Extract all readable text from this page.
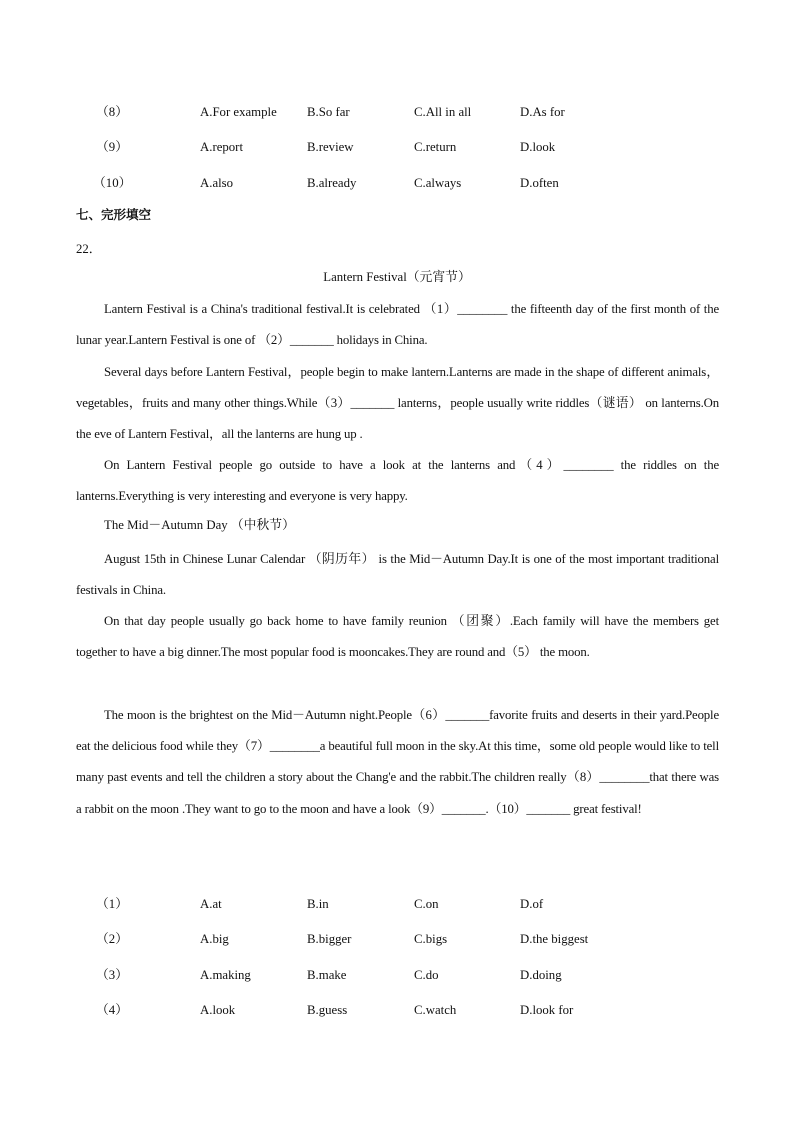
（8）	A.For example B.So far	C.All in all	D.As for
（9）	A.report	B.review	C.return	D.look
（10）	A.also	B.already	C.always	D.often
七、完形填空
22．
Lantern Festival（元宵节）
Lantern Festival is a China's traditional festival.It is celebrated （1）________ the fifteenth day of the first month of the lunar year.Lantern Festival is one of （2）_______ holidays in China.
Several days before Lantern Festival，people begin to make lantern.Lanterns are made in the shape of different animals，vegetables，fruits and many other things.While（3）_______ lanterns，people usually write riddles（谜语） on lanterns.On the eve of Lantern Festival，all the lanterns are hung up .
On Lantern Festival people go outside to have a look at the lanterns and（4）________ the riddles on the lanterns.Everything is very interesting and everyone is very happy.
The Mid－Autumn Day （中秋节）
August 15th in Chinese Lunar Calendar （阴历年） is the Mid－Autumn Day.It is one of the most important traditional festivals in China.
On that day people usually go back home to have family reunion （团聚）.Each family will have the members get together to have a big dinner.The most popular food is mooncakes.They are round and（5） the moon.
The moon is the brightest on the Mid－Autumn night.People（6）_______favorite fruits and deserts in their yard.People eat the delicious food while they（7）________a beautiful full moon in the sky.At this time，some old people would like to tell many past events and tell the children a story about the Chang'e and the rabbit.The children really（8）________that there was a rabbit on the moon .They want to go to the moon and have a look（9）_______.（10）_______ great festival!
（1）	A.at	B.in	C.on	D.of
（2）	A.big	B.bigger	C.bigs	D.the biggest
（3）	A.making	B.make	C.do	D.doing
（4）	A.look	B.guess	C.watch	D.look for
